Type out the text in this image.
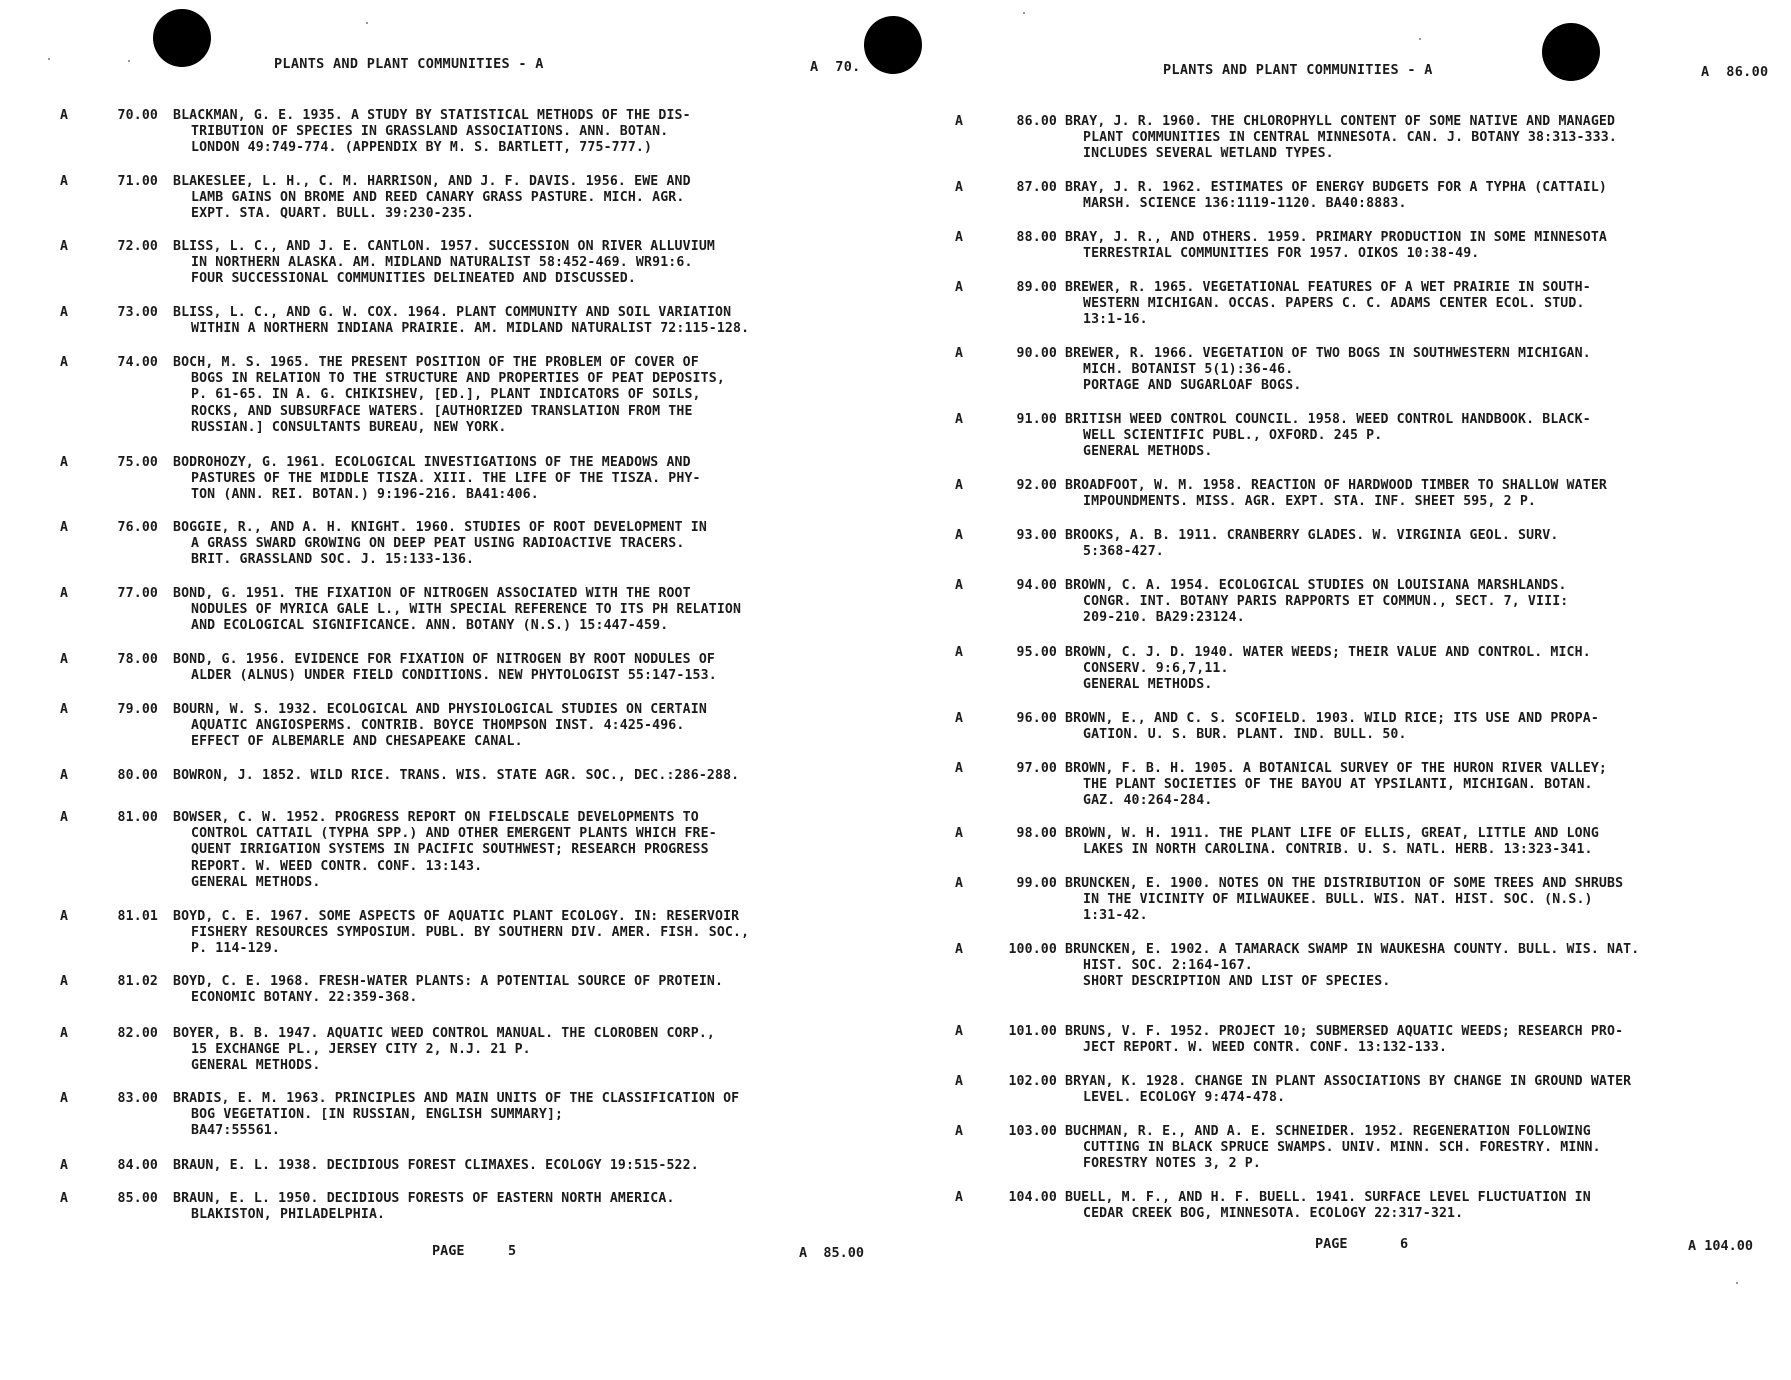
PLANTS AND PLANT COMMUNITIES - A	A  70.
A	70.00 BLACKMAN, G. E. 1935. A STUDY BY STATISTICAL METHODS OF THE DIS-
TRIBUTION OF SPECIES IN GRASSLAND ASSOCIATIONS. ANN. BOTAN.
LONDON 49:749-774. (APPENDIX BY M. S. BARTLETT, 775-777.)
A	71.00 BLAKESLEE, L. H., C. M. HARRISON, AND J. F. DAVIS. 1956. EWE AND
LAMB GAINS ON BROME AND REED CANARY GRASS PASTURE. MICH. AGR.
EXPT. STA. QUART. BULL. 39:230-235.
A	72.00 BLISS, L. C., AND J. E. CANTLON. 1957. SUCCESSION ON RIVER ALLUVIUM
IN NORTHERN ALASKA. AM. MIDLAND NATURALIST 58:452-469. WR91:6.
FOUR SUCCESSIONAL COMMUNITIES DELINEATED AND DISCUSSED.
A	73.00 BLISS, L. C., AND G. W. COX. 1964. PLANT COMMUNITY AND SOIL VARIATION
WITHIN A NORTHERN INDIANA PRAIRIE. AM. MIDLAND NATURALIST 72:115-128.
A	74.00 BOCH, M. S. 1965. THE PRESENT POSITION OF THE PROBLEM OF COVER OF
BOGS IN RELATION TO THE STRUCTURE AND PROPERTIES OF PEAT DEPOSITS,
P. 61-65. IN A. G. CHIKISHEV, [ED.], PLANT INDICATORS OF SOILS,
ROCKS, AND SUBSURFACE WATERS. [AUTHORIZED TRANSLATION FROM THE
RUSSIAN.] CONSULTANTS BUREAU, NEW YORK.
A	75.00 BODROHOZY, G. 1961. ECOLOGICAL INVESTIGATIONS OF THE MEADOWS AND
PASTURES OF THE MIDDLE TISZA. XIII. THE LIFE OF THE TISZA. PHY-
TON (ANN. REI. BOTAN.) 9:196-216. BA41:406.
A	76.00 BOGGIE, R., AND A. H. KNIGHT. 1960. STUDIES OF ROOT DEVELOPMENT IN
A GRASS SWARD GROWING ON DEEP PEAT USING RADIOACTIVE TRACERS.
BRIT. GRASSLAND SOC. J. 15:133-136.
A	77.00 BOND, G. 1951. THE FIXATION OF NITROGEN ASSOCIATED WITH THE ROOT
NODULES OF MYRICA GALE L., WITH SPECIAL REFERENCE TO ITS PH RELATION
AND ECOLOGICAL SIGNIFICANCE. ANN. BOTANY (N.S.) 15:447-459.
A	78.00 BOND, G. 1956. EVIDENCE FOR FIXATION OF NITROGEN BY ROOT NODULES OF
ALDER (ALNUS) UNDER FIELD CONDITIONS. NEW PHYTOLOGIST 55:147-153.
A	79.00 BOURN, W. S. 1932. ECOLOGICAL AND PHYSIOLOGICAL STUDIES ON CERTAIN
AQUATIC ANGIOSPERMS. CONTRIB. BOYCE THOMPSON INST. 4:425-496.
EFFECT OF ALBEMARLE AND CHESAPEAKE CANAL.
A	80.00 BOWRON, J. 1852. WILD RICE. TRANS. WIS. STATE AGR. SOC., DEC.:286-288.
A	81.00 BOWSER, C. W. 1952. PROGRESS REPORT ON FIELDSCALE DEVELOPMENTS TO
CONTROL CATTAIL (TYPHA SPP.) AND OTHER EMERGENT PLANTS WHICH FRE-
QUENT IRRIGATION SYSTEMS IN PACIFIC SOUTHWEST; RESEARCH PROGRESS
REPORT. W. WEED CONTR. CONF. 13:143.
GENERAL METHODS.
A	81.01 BOYD, C. E. 1967. SOME ASPECTS OF AQUATIC PLANT ECOLOGY. IN: RESERVOIR
FISHERY RESOURCES SYMPOSIUM. PUBL. BY SOUTHERN DIV. AMER. FISH. SOC.,
P. 114-129.
A	81.02 BOYD, C. E. 1968. FRESH-WATER PLANTS: A POTENTIAL SOURCE OF PROTEIN.
ECONOMIC BOTANY. 22:359-368.
A	82.00 BOYER, B. B. 1947. AQUATIC WEED CONTROL MANUAL. THE CLOROBEN CORP.,
15 EXCHANGE PL., JERSEY CITY 2, N.J. 21 P.
GENERAL METHODS.
A	83.00 BRADIS, E. M. 1963. PRINCIPLES AND MAIN UNITS OF THE CLASSIFICATION OF
BOG VEGETATION. [IN RUSSIAN, ENGLISH SUMMARY];
BA47:55561.
A	84.00 BRAUN, E. L. 1938. DECIDIOUS FOREST CLIMAXES. ECOLOGY 19:515-522.
A	85.00 BRAUN, E. L. 1950. DECIDIOUS FORESTS OF EASTERN NORTH AMERICA.
BLAKISTON, PHILADELPHIA.
PAGE	5	A  85.00
PLANTS AND PLANT COMMUNITIES - A	A  86.00
A	86.00 BRAY, J. R. 1960. THE CHLOROPHYLL CONTENT OF SOME NATIVE AND MANAGED
PLANT COMMUNITIES IN CENTRAL MINNESOTA. CAN. J. BOTANY 38:313-333.
INCLUDES SEVERAL WETLAND TYPES.
A	87.00 BRAY, J. R. 1962. ESTIMATES OF ENERGY BUDGETS FOR A TYPHA (CATTAIL)
MARSH. SCIENCE 136:1119-1120. BA40:8883.
A	88.00 BRAY, J. R., AND OTHERS. 1959. PRIMARY PRODUCTION IN SOME MINNESOTA
TERRESTRIAL COMMUNITIES FOR 1957. OIKOS 10:38-49.
A	89.00 BREWER, R. 1965. VEGETATIONAL FEATURES OF A WET PRAIRIE IN SOUTH-
WESTERN MICHIGAN. OCCAS. PAPERS C. C. ADAMS CENTER ECOL. STUD.
13:1-16.
A	90.00 BREWER, R. 1966. VEGETATION OF TWO BOGS IN SOUTHWESTERN MICHIGAN.
MICH. BOTANIST 5(1):36-46.
PORTAGE AND SUGARLOAF BOGS.
A	91.00 BRITISH WEED CONTROL COUNCIL. 1958. WEED CONTROL HANDBOOK. BLACK-
WELL SCIENTIFIC PUBL., OXFORD. 245 P.
GENERAL METHODS.
A	92.00 BROADFOOT, W. M. 1958. REACTION OF HARDWOOD TIMBER TO SHALLOW WATER
IMPOUNDMENTS. MISS. AGR. EXPT. STA. INF. SHEET 595, 2 P.
A	93.00 BROOKS, A. B. 1911. CRANBERRY GLADES. W. VIRGINIA GEOL. SURV.
5:368-427.
A	94.00 BROWN, C. A. 1954. ECOLOGICAL STUDIES ON LOUISIANA MARSHLANDS.
CONGR. INT. BOTANY PARIS RAPPORTS ET COMMUN., SECT. 7, VIII:
209-210. BA29:23124.
A	95.00 BROWN, C. J. D. 1940. WATER WEEDS; THEIR VALUE AND CONTROL. MICH.
CONSERV. 9:6,7,11.
GENERAL METHODS.
A	96.00 BROWN, E., AND C. S. SCOFIELD. 1903. WILD RICE; ITS USE AND PROPA-
GATION. U. S. BUR. PLANT. IND. BULL. 50.
A	97.00 BROWN, F. B. H. 1905. A BOTANICAL SURVEY OF THE HURON RIVER VALLEY;
THE PLANT SOCIETIES OF THE BAYOU AT YPSILANTI, MICHIGAN. BOTAN.
GAZ. 40:264-284.
A	98.00 BROWN, W. H. 1911. THE PLANT LIFE OF ELLIS, GREAT, LITTLE AND LONG
LAKES IN NORTH CAROLINA. CONTRIB. U. S. NATL. HERB. 13:323-341.
A	99.00 BRUNCKEN, E. 1900. NOTES ON THE DISTRIBUTION OF SOME TREES AND SHRUBS
IN THE VICINITY OF MILWAUKEE. BULL. WIS. NAT. HIST. SOC. (N.S.)
1:31-42.
A	100.00 BRUNCKEN, E. 1902. A TAMARACK SWAMP IN WAUKESHA COUNTY. BULL. WIS. NAT.
HIST. SOC. 2:164-167.
SHORT DESCRIPTION AND LIST OF SPECIES.
A	101.00 BRUNS, V. F. 1952. PROJECT 10; SUBMERSED AQUATIC WEEDS; RESEARCH PRO-
JECT REPORT. W. WEED CONTR. CONF. 13:132-133.
A	102.00 BRYAN, K. 1928. CHANGE IN PLANT ASSOCIATIONS BY CHANGE IN GROUND WATER
LEVEL. ECOLOGY 9:474-478.
A	103.00 BUCHMAN, R. E., AND A. E. SCHNEIDER. 1952. REGENERATION FOLLOWING
CUTTING IN BLACK SPRUCE SWAMPS. UNIV. MINN. SCH. FORESTRY. MINN.
FORESTRY NOTES 3, 2 P.
A	104.00 BUELL, M. F., AND H. F. BUELL. 1941. SURFACE LEVEL FLUCTUATION IN
CEDAR CREEK BOG, MINNESOTA. ECOLOGY 22:317-321.
PAGE	6	A 104.00
